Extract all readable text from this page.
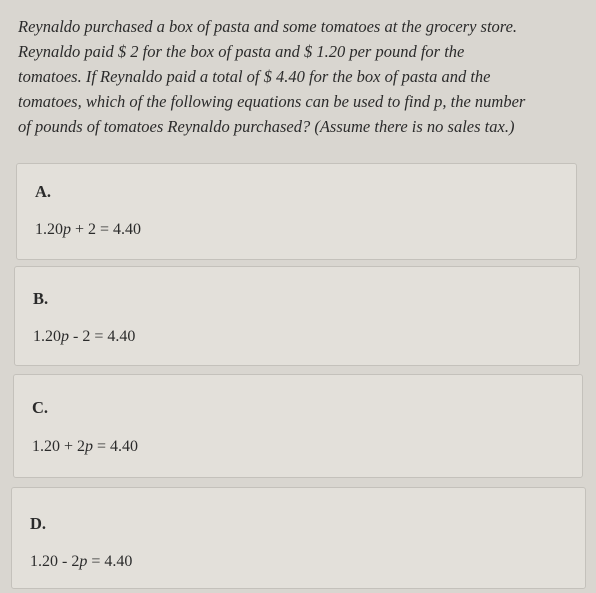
Reynaldo purchased a box of pasta and some tomatoes at the grocery store.

Reynaldo paid $ 2 for the box of pasta and $ 1.20 per pound for the

tomatoes. If Reynaldo paid a total of $ 4.40 for the box of pasta and the

tomatoes, which of the following equations can be used to find p, the number

of pounds of tomatoes Reynaldo purchased? (Assume there is no sales tax.)

A.
1.20p + 2 = 4.40
B.
1.20p - 2 = 4.40
C.
1.20 + 2p = 4.40
D.
1.20 - 2p = 4.40
